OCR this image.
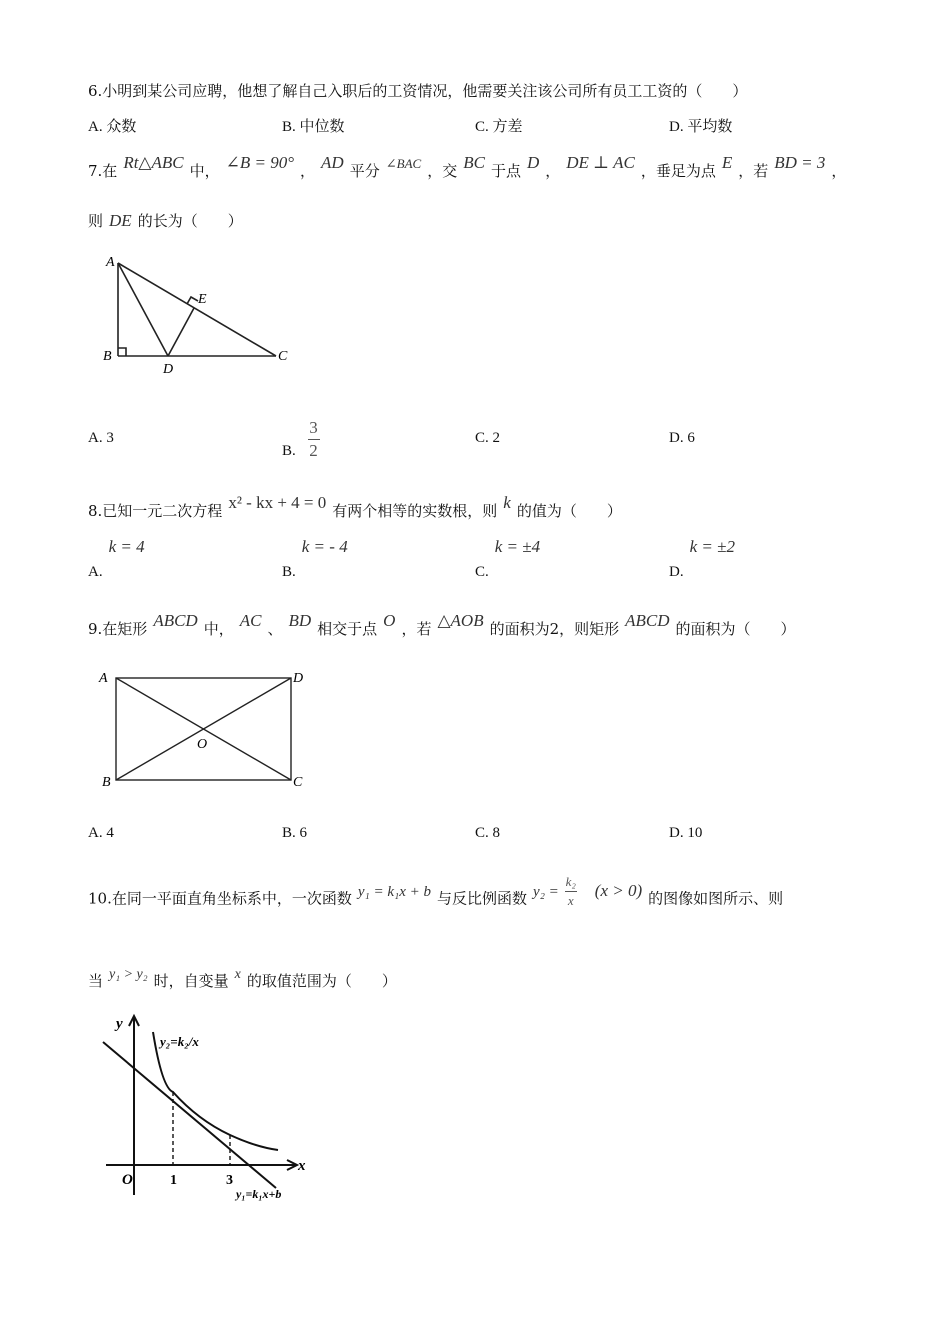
6.小明到某公司应聘，他想了解自己入职后的工资情况，他需要关注该公司所有员工工资的（　　）
A. 众数	B. 中位数	C. 方差	D. 平均数
7.在 Rt△ABC 中， ∠B = 90° ， AD 平分 ∠BAC ，交 BC 于点 D ， DE ⊥ AC ，垂足为点 E ，若 BD = 3 ，
则 DE 的长为（　　）
A
B	C
D
E
A. 3
B. $\frac{3}{2}$	C. 2	D. 6
8.已知一元二次方程 x² - kx + 4 = 0 有两个相等的实数根，则 k 的值为（　　）
A.k = 4
B.k = - 4
C.k = ±4
D.k = ±2
9.在矩形 ABCD 中， AC 、 BD 相交于点 O ，若 △AOB 的面积为2，则矩形 ABCD 的面积为（　　）
A	D
B	C
O
A. 4	B. 6	C. 8	D. 10
10.在同一平面直角坐标系中，一次函数 y₁ = k₁x + b 与反比例函数 $y_2 = \frac{\text{k₂}}{x} (x > 0)$ 的图像如图所示、则
当 y₁ > y₂ 时，自变量 x 的取值范围为（　　）
y
x
O	1	3
y₂=k₂/x
y₁=k₁x+b
